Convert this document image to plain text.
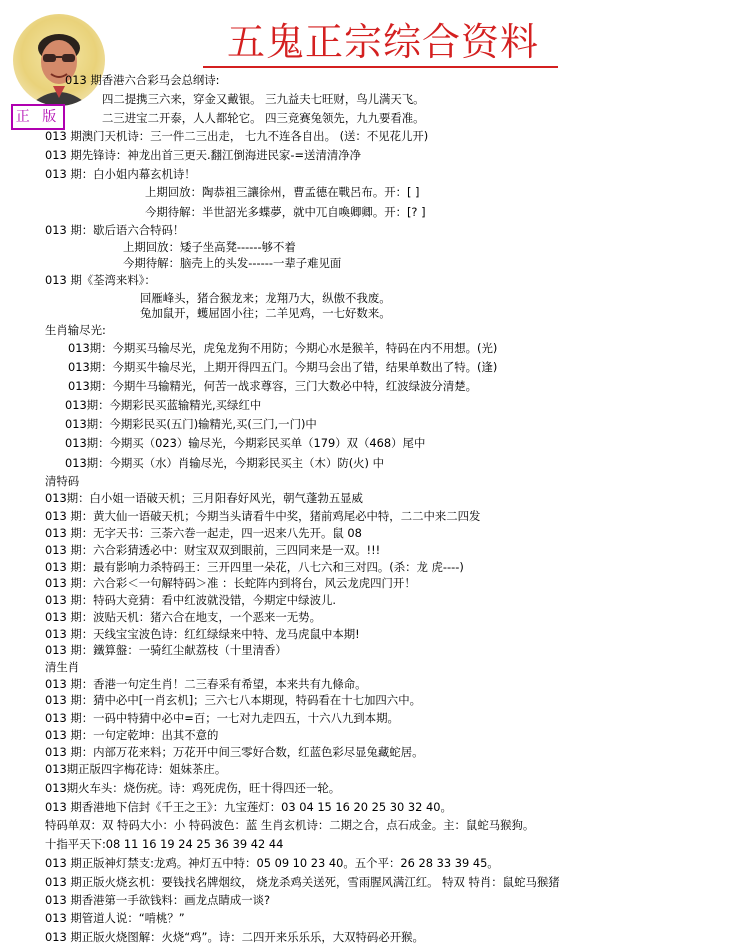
五鬼正宗综合资料
正 版
013 期香港六合彩马会总纲诗:
四二提携三六来，穿金又戴银。 三九益夫七旺财，鸟儿满天飞。
二三进宝二开泰，人人都轮它。 四三竞赛兔领先，九九要看准。
013 期澳门天机诗：三一件二三出走， 七九不连各自出。 (送：不见花儿开)
013 期先锋诗：神龙出首三更天.翻江倒海进民家-=送清清净净
013 期：白小姐内幕玄机诗！
上期回放：陶恭祖三讓徐州，曹孟德在戰呂布。开：[ ]
今期待解：半世詔光多蝶夢，就中兀自喚卿卿。开：[? ]
013 期：歇后语六合特码！
上期回放：矮子坐高凳------够不着
今期待解：脑壳上的头发------一辈子难见面
013 期《荃湾来料》：
回雁峰头，猪合猴龙来；龙翔乃大，纵傲不我废。
兔加鼠开，蠖屈固小往；二羊见鸡，一七好数来。
生肖输尽光:
013期：今期买马输尽光，虎兔龙狗不用防；今期心水是猴羊，特码在内不用想。(光)
013期：今期买牛输尽光，上期开得四五门。今期马会出了错，结果单数出了特。(逢)
013期：今期牛马输精光，何苦一战求尊容，三门大数必中特，红波绿波分清楚。
013期：今期彩民买蓝输精光,买绿红中
013期：今期彩民买(五门)输精光,买(三门,一门)中
013期：今期买（023）输尽光，今期彩民买单（179）双（468）尾中
013期：今期买（水）肖输尽光，今期彩民买主（木）防(火) 中
清特码
013期：白小姐一语破天机；三月阳春好风光，朝气蓬勃五显威
013 期：黄大仙一语破天机；今期当头请看牛中奖，猪前鸡尾必中特，二二中来二四发
013 期：无字天书：三荼六巻一起走，四一迟来八先开。鼠 08
013 期：六合彩猜透必中：财宝双双到眼前，三四同来是一双。!!!
013 期：最有影响力杀特码王：三开四里一朵花，八七六和三对四。(杀：龙 虎----)
013 期：六合彩＜一句解特码＞准 ：长蛇阵内到将台，风云龙虎四门开！
013 期：特码大竞猜：看中红波就没错，今期定中绿波儿.
013 期：波贴天机：猪六合在地支，一个恶来一无势。
013 期：天线宝宝波色诗：红红绿绿来中特、龙马虎鼠中本期!
013 期：鐵算盤：一骑红尘献荔枝（十里清香）
清生肖
013 期：香港一句定生肖！二三春采有希望，本来共有九條命。
013 期：猜中必中[一肖玄机]；三六七八本期现，特码看在十七加四六中。
013 期：一码中特猜中必中=百；一七对九走四五，十六八九到本期。
013 期：一句定乾坤：出其不意的
013 期：内部万花来料；万花开中间三零好合数，红蓝色彩尽显兔藏蛇居。
013期正版四字梅花诗：姐妹茶庄。
013期火车头：烧伤疣。诗：鸡死虎伤，旺十得四还一轮。
013 期香港地下信封《千王之王》：九宝莲灯：03 04 15 16 20 25 30 32 40。
特码单双：双 特码大小：小 特码波色：蓝 生肖玄机诗：二期之合，点石成金。主：鼠蛇马猴狗。
十指平天下:08 11 16 19 24 25 36 39 42 44
013 期正版神灯禁支:龙鸡。神灯五中特：05 09 10 23 40。五个平：26 28 33 39 45。
013 期正版火烧玄机：要钱找名牌烟纹， 烧龙杀鸡关送死，雪雨腥风满江红。 特双 特肖：鼠蛇马猴猪
013 期香港第一手欲钱料：画龙点睛成一谈?
013 期管道人说：“啃桃？”
013 期正版火烧图解：火烧“鸡”。诗：二四开来乐乐乐，大双特码必开猴。
